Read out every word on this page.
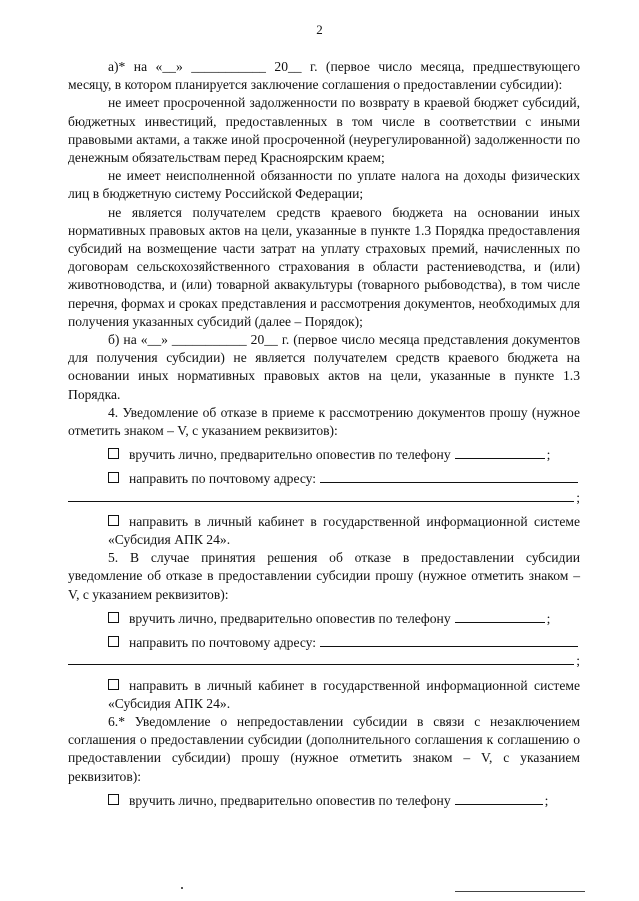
2

а)* на «__» ___________ 20__ г. (первое число месяца, предшествующего месяцу, в котором планируется заключение соглашения о предоставлении субсидии):

не имеет просроченной задолженности по возврату в краевой бюджет субсидий, бюджетных инвестиций, предоставленных в том числе в соответствии с иными правовыми актами, а также иной просроченной (неурегулированной) задолженности по денежным обязательствам перед Красноярским краем;

не имеет неисполненной обязанности по уплате налога на доходы физических лиц в бюджетную систему Российской Федерации;

не является получателем средств краевого бюджета на основании иных нормативных правовых актов на цели, указанные в пункте 1.3 Порядка предоставления субсидий на возмещение части затрат на уплату страховых премий, начисленных по договорам сельскохозяйственного страхования в области растениеводства, и (или) животноводства, и (или) товарной аквакультуры (товарного рыбоводства), в том числе перечня, формах и сроках представления и рассмотрения документов, необходимых для получения указанных субсидий (далее – Порядок);

б) на «__» ___________ 20__ г. (первое число месяца представления документов для получения субсидии) не является получателем средств краевого бюджета на основании иных нормативных правовых актов на цели, указанные в пункте 1.3 Порядка.

4. Уведомление об отказе в приеме к рассмотрению документов прошу (нужное отметить знаком – V, с указанием реквизитов):

вручить лично, предварительно оповестив по телефону	;
направить по почтовому адресу:
;
направить в личный кабинет в государственной информационной системе «Субсидия АПК 24».

5. В случае принятия решения об отказе в предоставлении субсидии уведомление об отказе в предоставлении субсидии прошу (нужное отметить знаком – V, с указанием реквизитов):

вручить лично, предварительно оповестив по телефону	;
направить по почтовому адресу:
;
направить в личный кабинет в государственной информационной системе «Субсидия АПК 24».

6.* Уведомление о непредоставлении субсидии в связи с незаключением соглашения о предоставлении субсидии (дополнительного соглашения к соглашению о предоставлении субсидии) прошу (нужное отметить знаком – V, с указанием реквизитов):

вручить лично, предварительно оповестив по телефону	;
